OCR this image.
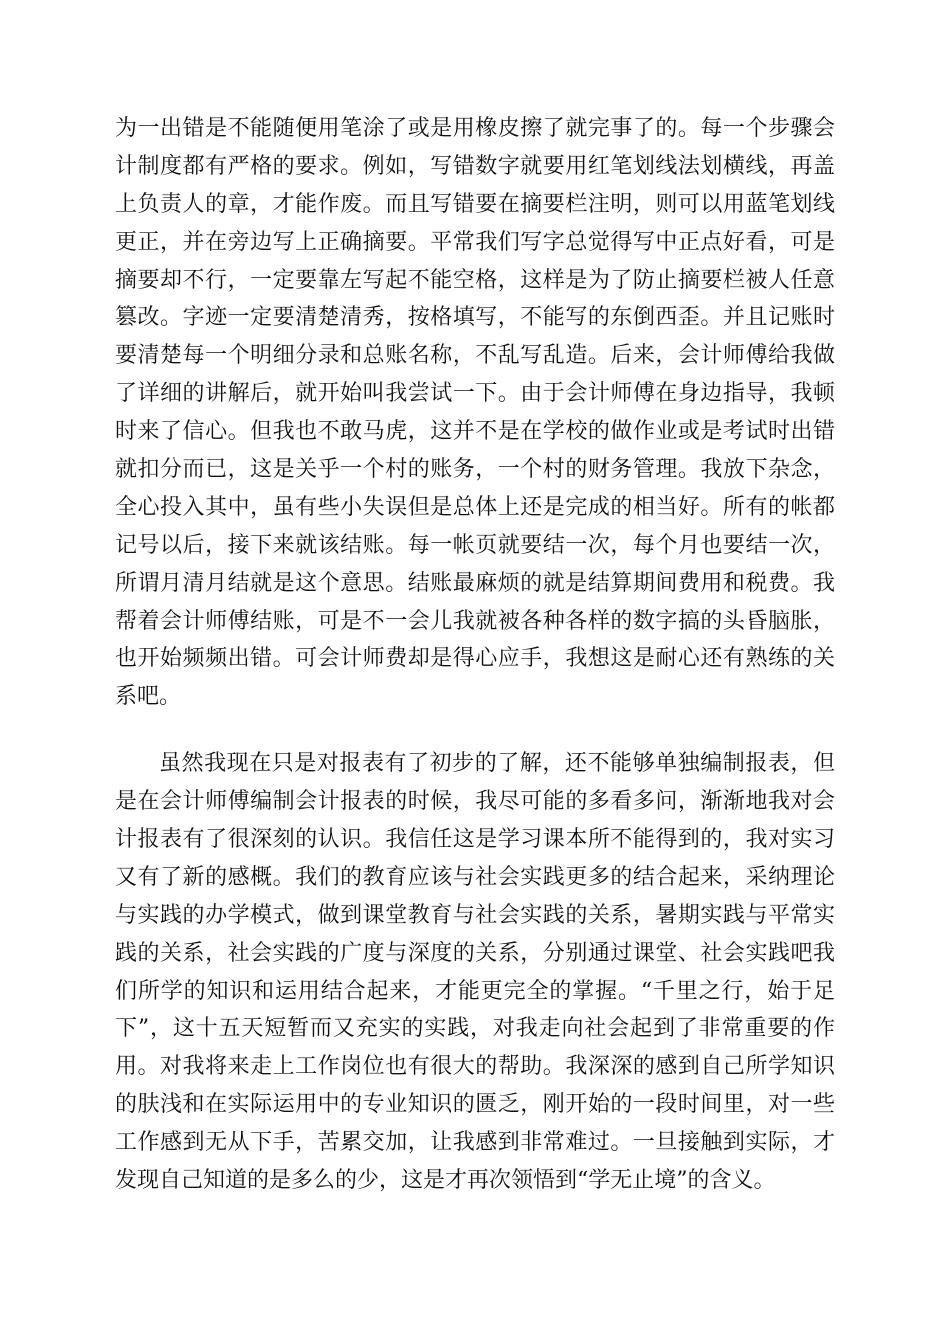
为一出错是不能随便用笔涂了或是用橡皮擦了就完事了的。每一个步骤会
计制度都有严格的要求。例如，写错数字就要用红笔划线法划横线，再盖
上负责人的章，才能作废。而且写错要在摘要栏注明，则可以用蓝笔划线
更正，并在旁边写上正确摘要。平常我们写字总觉得写中正点好看，可是
摘要却不行，一定要靠左写起不能空格，这样是为了防止摘要栏被人任意
篡改。字迹一定要清楚清秀，按格填写，不能写的东倒西歪。并且记账时
要清楚每一个明细分录和总账名称，不乱写乱造。后来，会计师傅给我做
了详细的讲解后，就开始叫我尝试一下。由于会计师傅在身边指导，我顿
时来了信心。但我也不敢马虎，这并不是在学校的做作业或是考试时出错
就扣分而已，这是关乎一个村的账务，一个村的财务管理。我放下杂念，
全心投入其中，虽有些小失误但是总体上还是完成的相当好。所有的帐都
记号以后，接下来就该结账。每一帐页就要结一次，每个月也要结一次，
所谓月清月结就是这个意思。结账最麻烦的就是结算期间费用和税费。我
帮着会计师傅结账，可是不一会儿我就被各种各样的数字搞的头昏脑胀，
也开始频频出错。可会计师费却是得心应手，我想这是耐心还有熟练的关
系吧。
虽然我现在只是对报表有了初步的了解，还不能够单独编制报表，但
是在会计师傅编制会计报表的时候，我尽可能的多看多问，渐渐地我对会
计报表有了很深刻的认识。我信任这是学习课本所不能得到的，我对实习
又有了新的感概。我们的教育应该与社会实践更多的结合起来，采纳理论
与实践的办学模式，做到课堂教育与社会实践的关系，暑期实践与平常实
践的关系，社会实践的广度与深度的关系，分别通过课堂、社会实践吧我
们所学的知识和运用结合起来，才能更完全的掌握。“千里之行，始于足
下”，这十五天短暂而又充实的实践，对我走向社会起到了非常重要的作
用。对我将来走上工作岗位也有很大的帮助。我深深的感到自己所学知识
的肤浅和在实际运用中的专业知识的匮乏，刚开始的一段时间里，对一些
工作感到无从下手，苦累交加，让我感到非常难过。一旦接触到实际，才
发现自己知道的是多么的少，这是才再次领悟到“学无止境”的含义。
